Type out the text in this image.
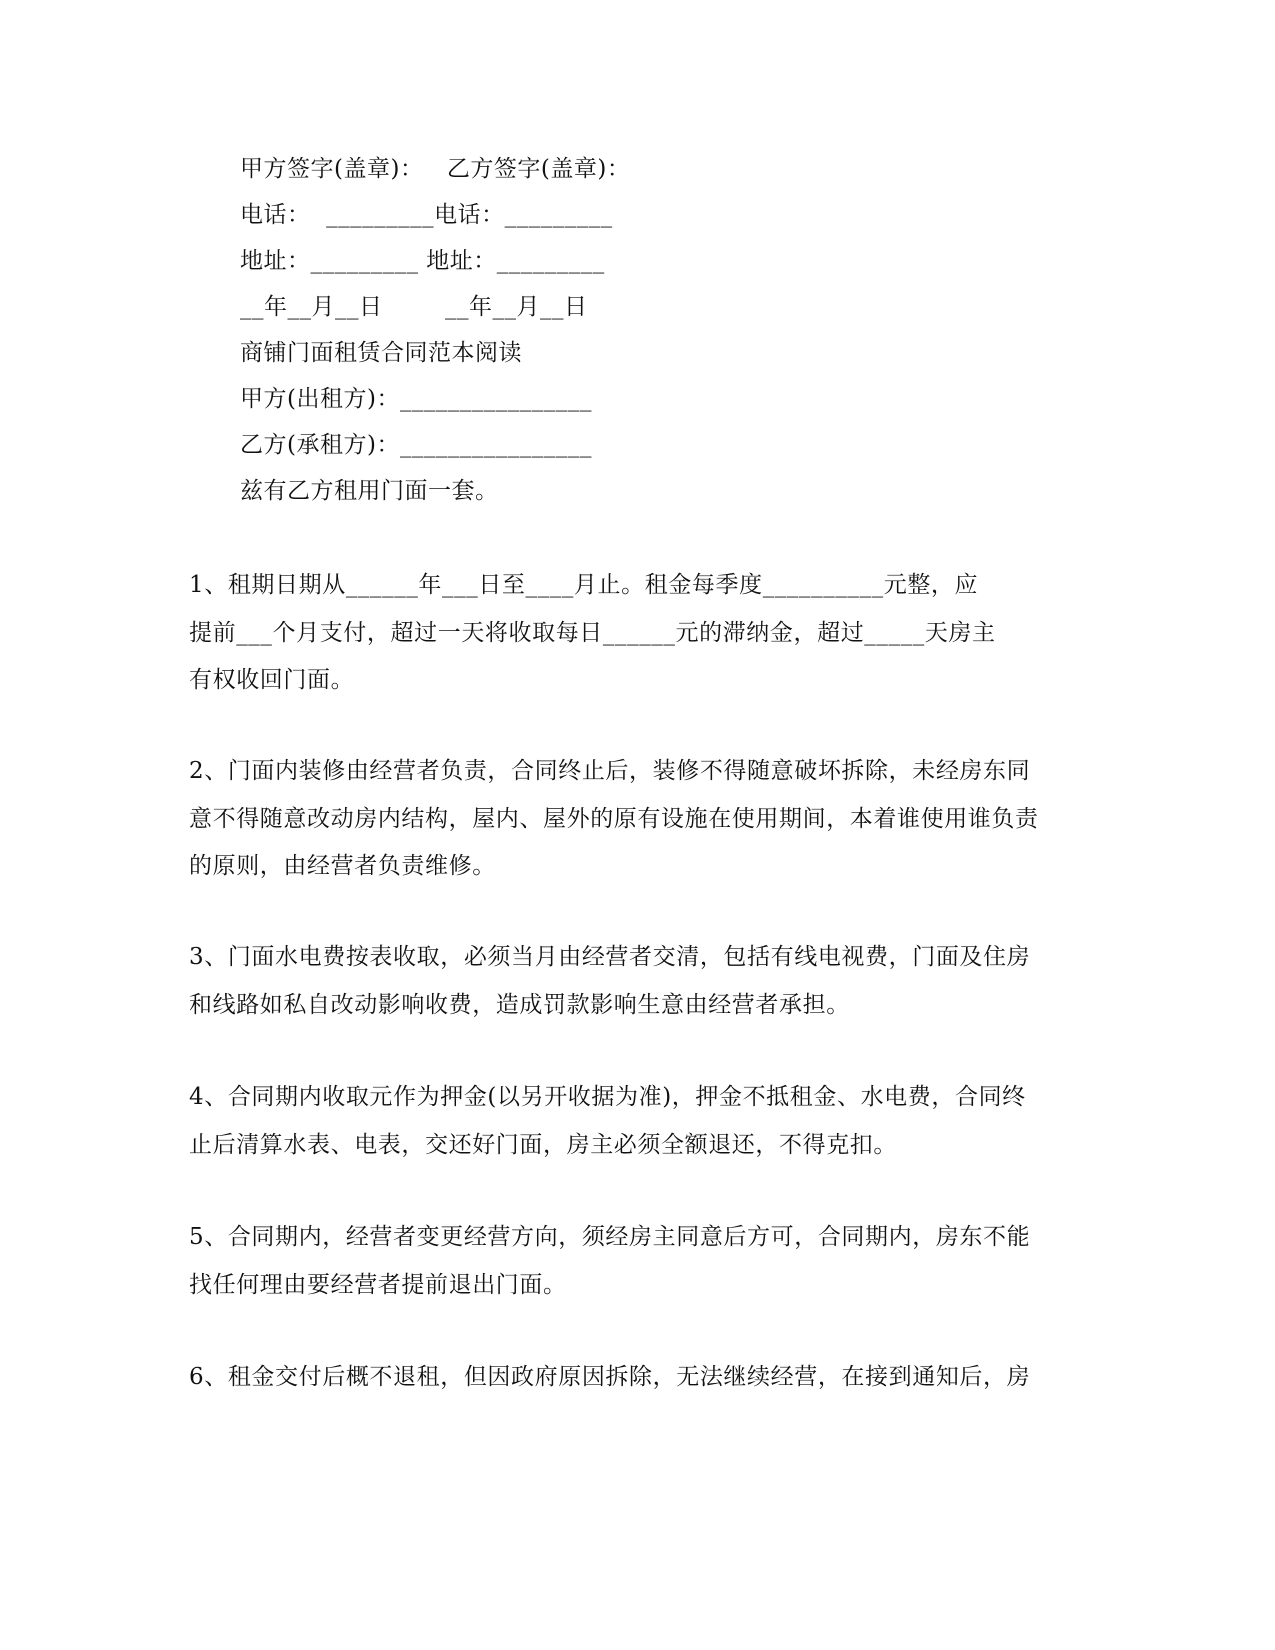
甲方签字(盖章)：   乙方签字(盖章)：
电话：  _________电话：_________
地址：_________ 地址：_________
__年__月__日        __年__月__日
商铺门面租赁合同范本阅读
甲方(出租方)：________________
乙方(承租方)：________________
兹有乙方租用门面一套。
1、租期日期从______年___日至____月止。租金每季度__________元整，应
提前___个月支付，超过一天将收取每日______元的滞纳金，超过_____天房主
有权收回门面。
2、门面内装修由经营者负责，合同终止后，装修不得随意破坏拆除，未经房东同
意不得随意改动房内结构，屋内、屋外的原有设施在使用期间，本着谁使用谁负责
的原则，由经营者负责维修。
3、门面水电费按表收取，必须当月由经营者交清，包括有线电视费，门面及住房
和线路如私自改动影响收费，造成罚款影响生意由经营者承担。
4、合同期内收取元作为押金(以另开收据为准)，押金不抵租金、水电费，合同终
止后清算水表、电表，交还好门面，房主必须全额退还，不得克扣。
5、合同期内，经营者变更经营方向，须经房主同意后方可，合同期内，房东不能
找任何理由要经营者提前退出门面。
6、租金交付后概不退租，但因政府原因拆除，无法继续经营，在接到通知后，房
